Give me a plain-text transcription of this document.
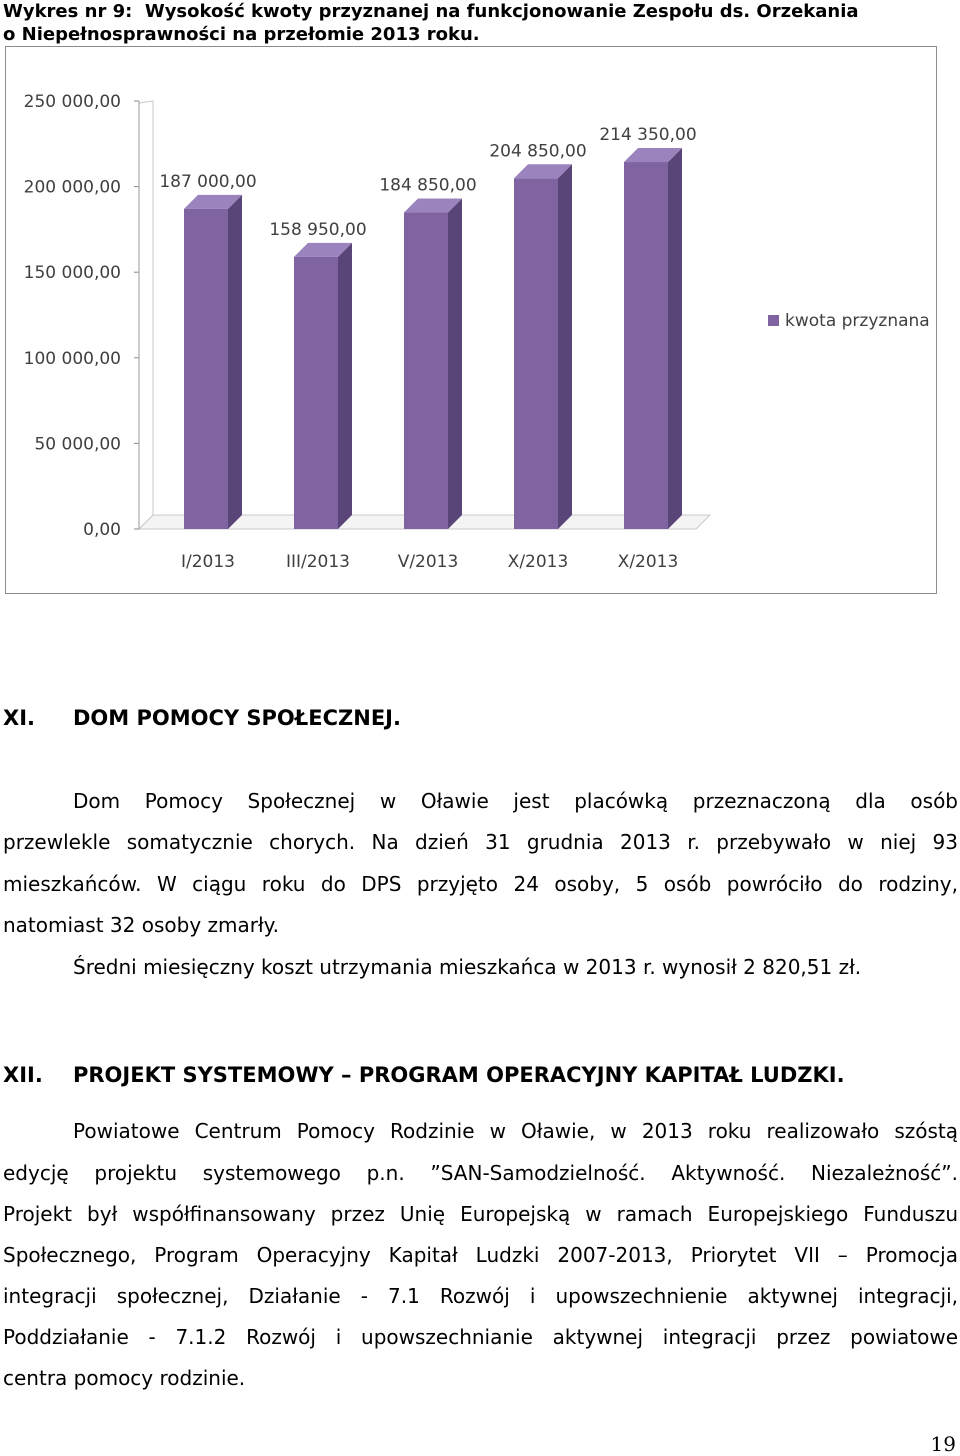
Wykres nr 9:  Wysokość kwoty przyznanej na funkcjonowanie Zespołu ds. Orzekania
o Niepełnosprawności na przełomie 2013 roku.
0,00
50 000,00
100 000,00
150 000,00
200 000,00
250 000,00
187 000,00
I/2013
158 950,00
III/2013
184 850,00
V/2013
204 850,00
X/2013
214 350,00
X/2013
kwota przyznana
XI. DOM POMOCY SPOŁECZNEJ.
Dom Pomocy Społecznej w Oławie jest placówką przeznaczoną dla osób
przewlekle somatycznie chorych. Na dzień 31 grudnia 2013 r. przebywało w niej 93
mieszkańców. W ciągu roku do DPS przyjęto 24 osoby, 5 osób powróciło do rodziny,
natomiast 32 osoby zmarły.
Średni miesięczny koszt utrzymania mieszkańca w 2013 r. wynosił 2 820,51 zł.
XII. PROJEKT SYSTEMOWY – PROGRAM OPERACYJNY KAPITAŁ LUDZKI.
Powiatowe Centrum Pomocy Rodzinie w Oławie, w 2013 roku realizowało szóstą
edycję projektu systemowego p.n. ”SAN-Samodzielność. Aktywność. Niezależność”.
Projekt był współfinansowany przez Unię Europejską w ramach Europejskiego Funduszu
Społecznego, Program Operacyjny Kapitał Ludzki 2007-2013, Priorytet VII – Promocja
integracji społecznej, Działanie - 7.1 Rozwój i upowszechnienie aktywnej integracji,
Poddziałanie - 7.1.2 Rozwój i upowszechnianie aktywnej integracji przez powiatowe
centra pomocy rodzinie.
19
